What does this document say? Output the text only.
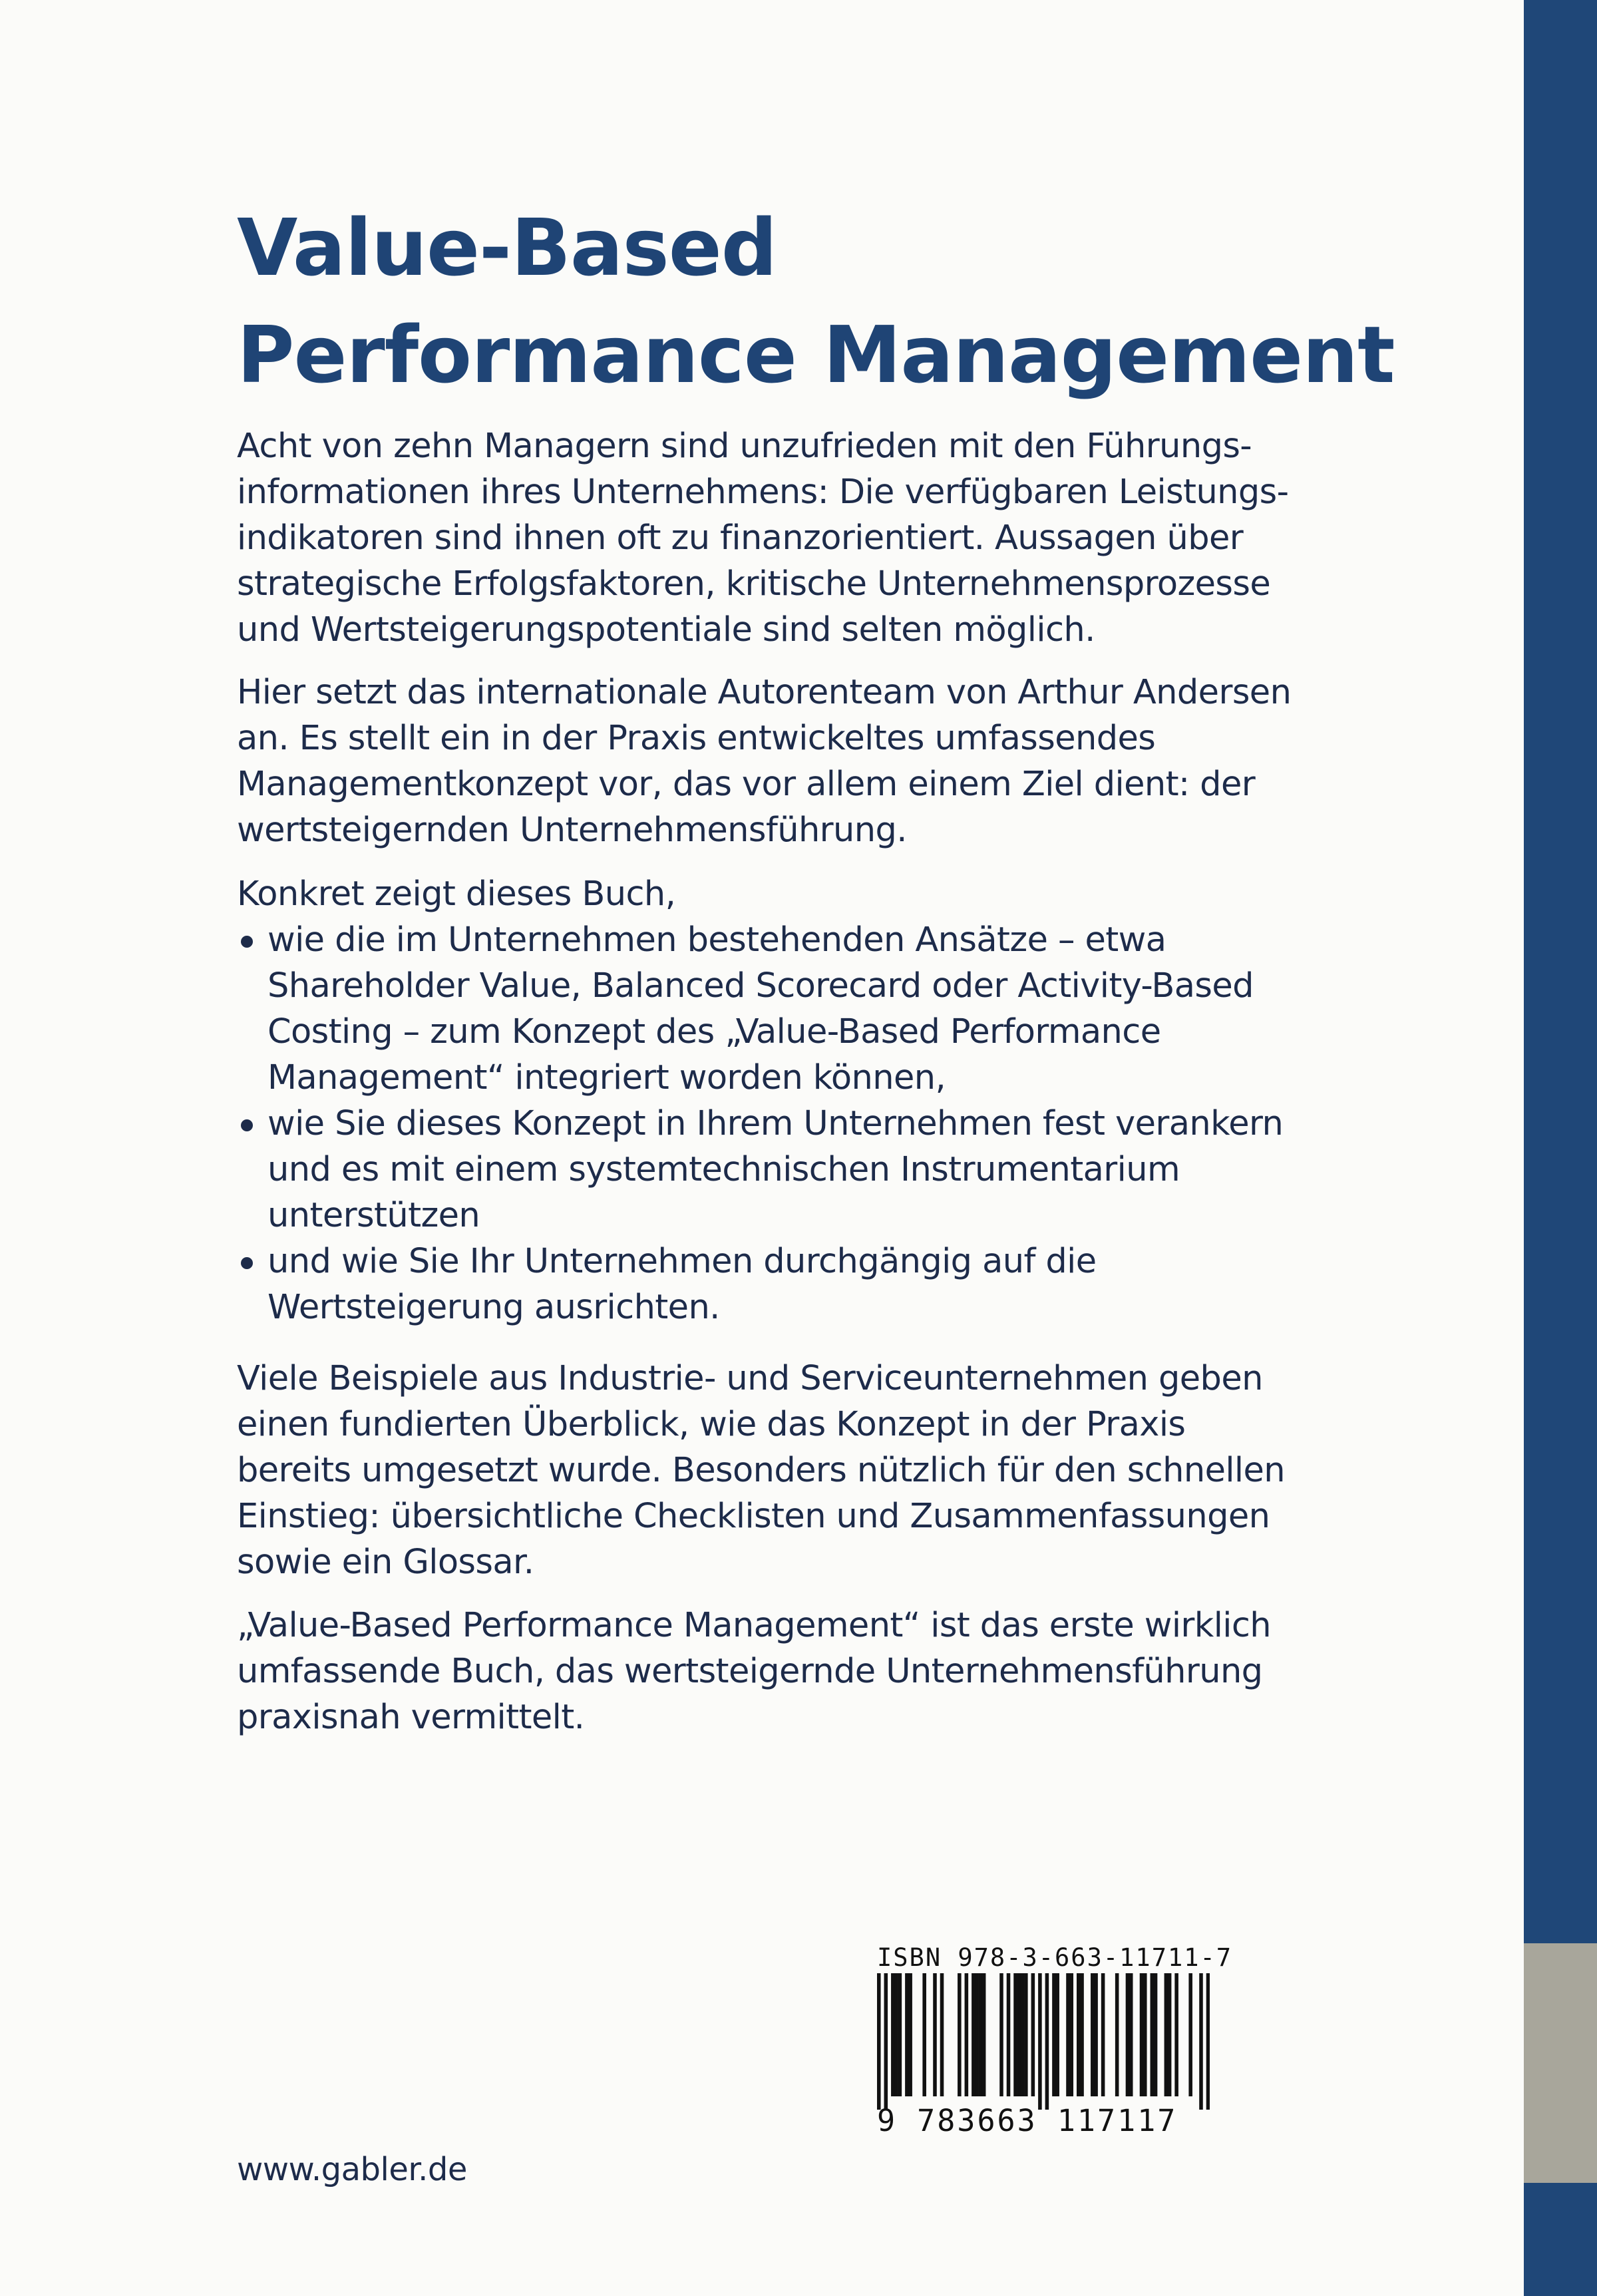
Value-Based
Performance Management
Acht von zehn Managern sind unzufrieden mit den Führungs-
informationen ihres Unternehmens: Die verfügbaren Leistungs-
indikatoren sind ihnen oft zu finanzorientiert. Aussagen über
strategische Erfolgsfaktoren, kritische Unternehmensprozesse
und Wertsteigerungspotentiale sind selten möglich.
Hier setzt das internationale Autorenteam von Arthur Andersen
an. Es stellt ein in der Praxis entwickeltes umfassendes
Managementkonzept vor, das vor allem einem Ziel dient: der
wertsteigernden Unternehmensführung.
Konkret zeigt dieses Buch,
wie die im Unternehmen bestehenden Ansätze – etwa
Shareholder Value, Balanced Scorecard oder Activity-Based
Costing – zum Konzept des „Value-Based Performance
Management“ integriert worden können,
wie Sie dieses Konzept in Ihrem Unternehmen fest verankern
und es mit einem systemtechnischen Instrumentarium
unterstützen
und wie Sie Ihr Unternehmen durchgängig auf die
Wertsteigerung ausrichten.
Viele Beispiele aus Industrie- und Serviceunternehmen geben
einen fundierten Überblick, wie das Konzept in der Praxis
bereits umgesetzt wurde. Besonders nützlich für den schnellen
Einstieg: übersichtliche Checklisten und Zusammenfassungen
sowie ein Glossar.
„Value-Based Performance Management“ ist das erste wirklich
umfassende Buch, das wertsteigernde Unternehmensführung
praxisnah vermittelt.
ISBN 978-3-663-11711-7
9 783663 117117
www.gabler.de
